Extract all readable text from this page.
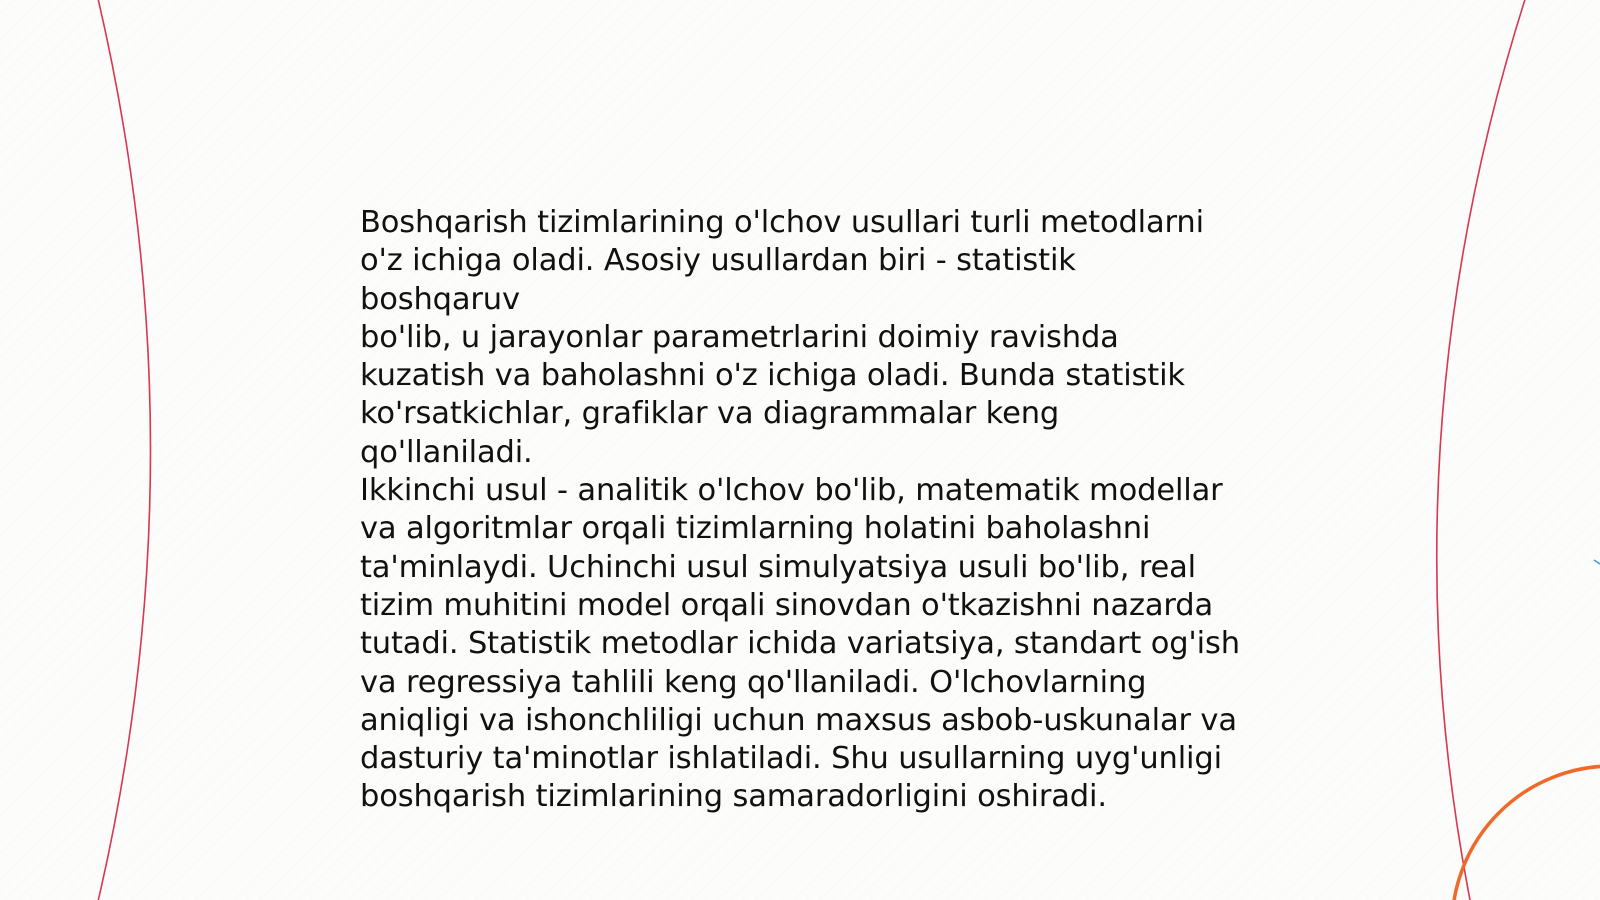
Boshqarish tizimlarining o'lchov usullari turli metodlarni
o'z ichiga oladi. Asosiy usullardan biri - statistik boshqaruv
bo'lib, u jarayonlar parametrlarini doimiy ravishda
kuzatish va baholashni o'z ichiga oladi. Bunda statistik
ko'rsatkichlar, grafiklar va diagrammalar keng qo'llaniladi.
Ikkinchi usul - analitik o'lchov bo'lib, matematik modellar
va algoritmlar orqali tizimlarning holatini baholashni
ta'minlaydi. Uchinchi usul simulyatsiya usuli bo'lib, real
tizim muhitini model orqali sinovdan o'tkazishni nazarda
tutadi. Statistik metodlar ichida variatsiya, standart og'ish
va regressiya tahlili keng qo'llaniladi. O'lchovlarning
aniqligi va ishonchliligi uchun maxsus asbob-uskunalar va
dasturiy ta'minotlar ishlatiladi. Shu usullarning uyg'unligi
boshqarish tizimlarining samaradorligini oshiradi.
